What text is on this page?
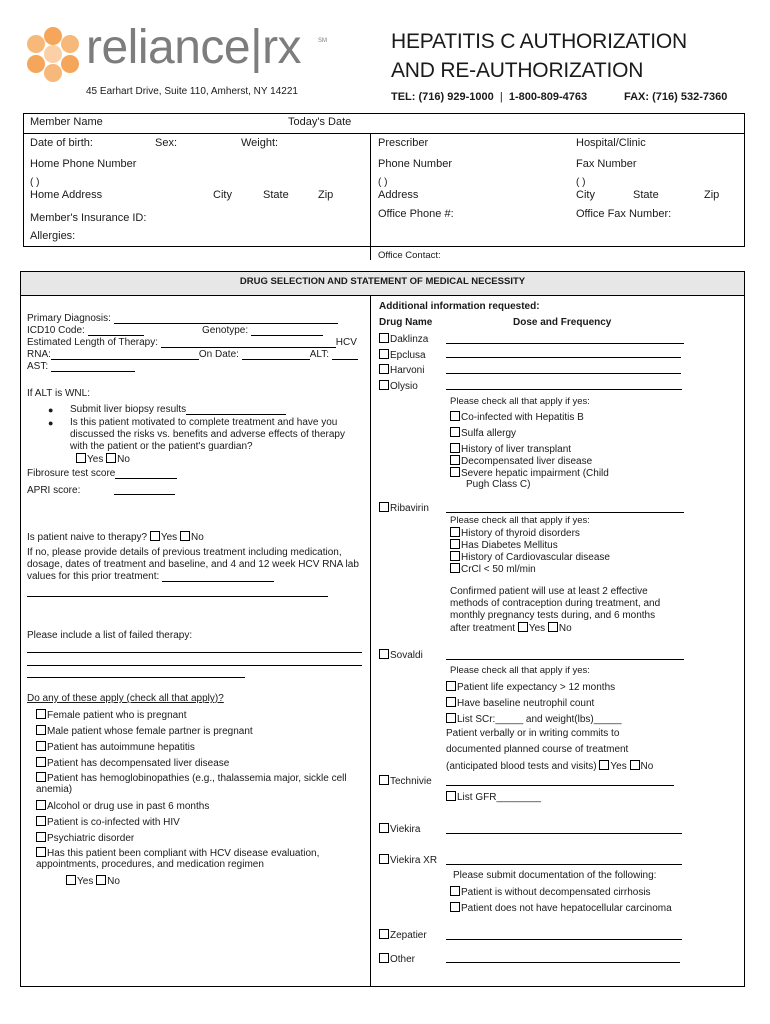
reliance|rx	SM
45 Earhart Drive, Suite 110, Amherst, NY 14221
HEPATITIS C AUTHORIZATION
AND RE-AUTHORIZATION
TEL: (716) 929-1000 | 1-800-809-4763	FAX: (716) 532-7360
Member Name	Today's Date
Date of birth:	Sex:	Weight:
Home Phone Number
( )
Home Address	City	State	Zip
Member's Insurance ID:
Allergies:
Prescriber	Hospital/Clinic
Phone Number	Fax Number
( )	( )
Address	City	State	Zip
Office Phone #:	Office Fax Number:
Office Contact:
DRUG SELECTION AND STATEMENT OF MEDICAL NECESSITY
Primary Diagnosis:
ICD10 Code:	Genotype:
Estimated Length of Therapy:	HCV
RNA:	On Date:	ALT:
AST:
If ALT is WNL:
● Submit liver biopsy results
● Is this patient motivated to complete treatment and have you
discussed the risks vs. benefits and adverse effects of therapy
with the patient or the patient's guardian?
Yes No
Fibrosure test score
APRI score:
Is patient naive to therapy? Yes No
If no, please provide details of previous treatment including medication,
dosage, dates of treatment and baseline, and 4 and 12 week HCV RNA lab
values for this prior treatment:
Please include a list of failed therapy:
Do any of these apply (check all that apply)?
Female patient who is pregnant
Male patient whose female partner is pregnant
Patient has autoimmune hepatitis
Patient has decompensated liver disease
Patient has hemoglobinopathies (e.g., thalassemia major, sickle cell
anemia)
Alcohol or drug use in past 6 months
Patient is co-infected with HIV
Psychiatric disorder
Has this patient been compliant with HCV disease evaluation,
appointments, procedures, and medication regimen
Yes No
Additional information requested:
Drug Name	Dose and Frequency
Daklinza
Epclusa
Harvoni
Olysio
Please check all that apply if yes:
Co-infected with Hepatitis B
Sulfa allergy
History of liver transplant
Decompensated liver disease
Severe hepatic impairment (Child
Pugh Class C)
Ribavirin
Please check all that apply if yes:
History of thyroid disorders
Has Diabetes Mellitus
History of Cardiovascular disease
CrCl < 50 ml/min
Confirmed patient will use at least 2 effective
methods of contraception during treatment, and
monthly pregnancy tests during, and 6 months
after treatment Yes No
Sovaldi
Please check all that apply if yes:
Patient life expectancy > 12 months
Have baseline neutrophil count
List SCr:_____ and weight(lbs)_____
Patient verbally or in writing commits to
documented planned course of treatment
(anticipated blood tests and visits) Yes No
Technivie
List GFR________
Viekira
Viekira XR
Please submit documentation of the following:
Patient is without decompensated cirrhosis
Patient does not have hepatocellular carcinoma
Zepatier
Other
